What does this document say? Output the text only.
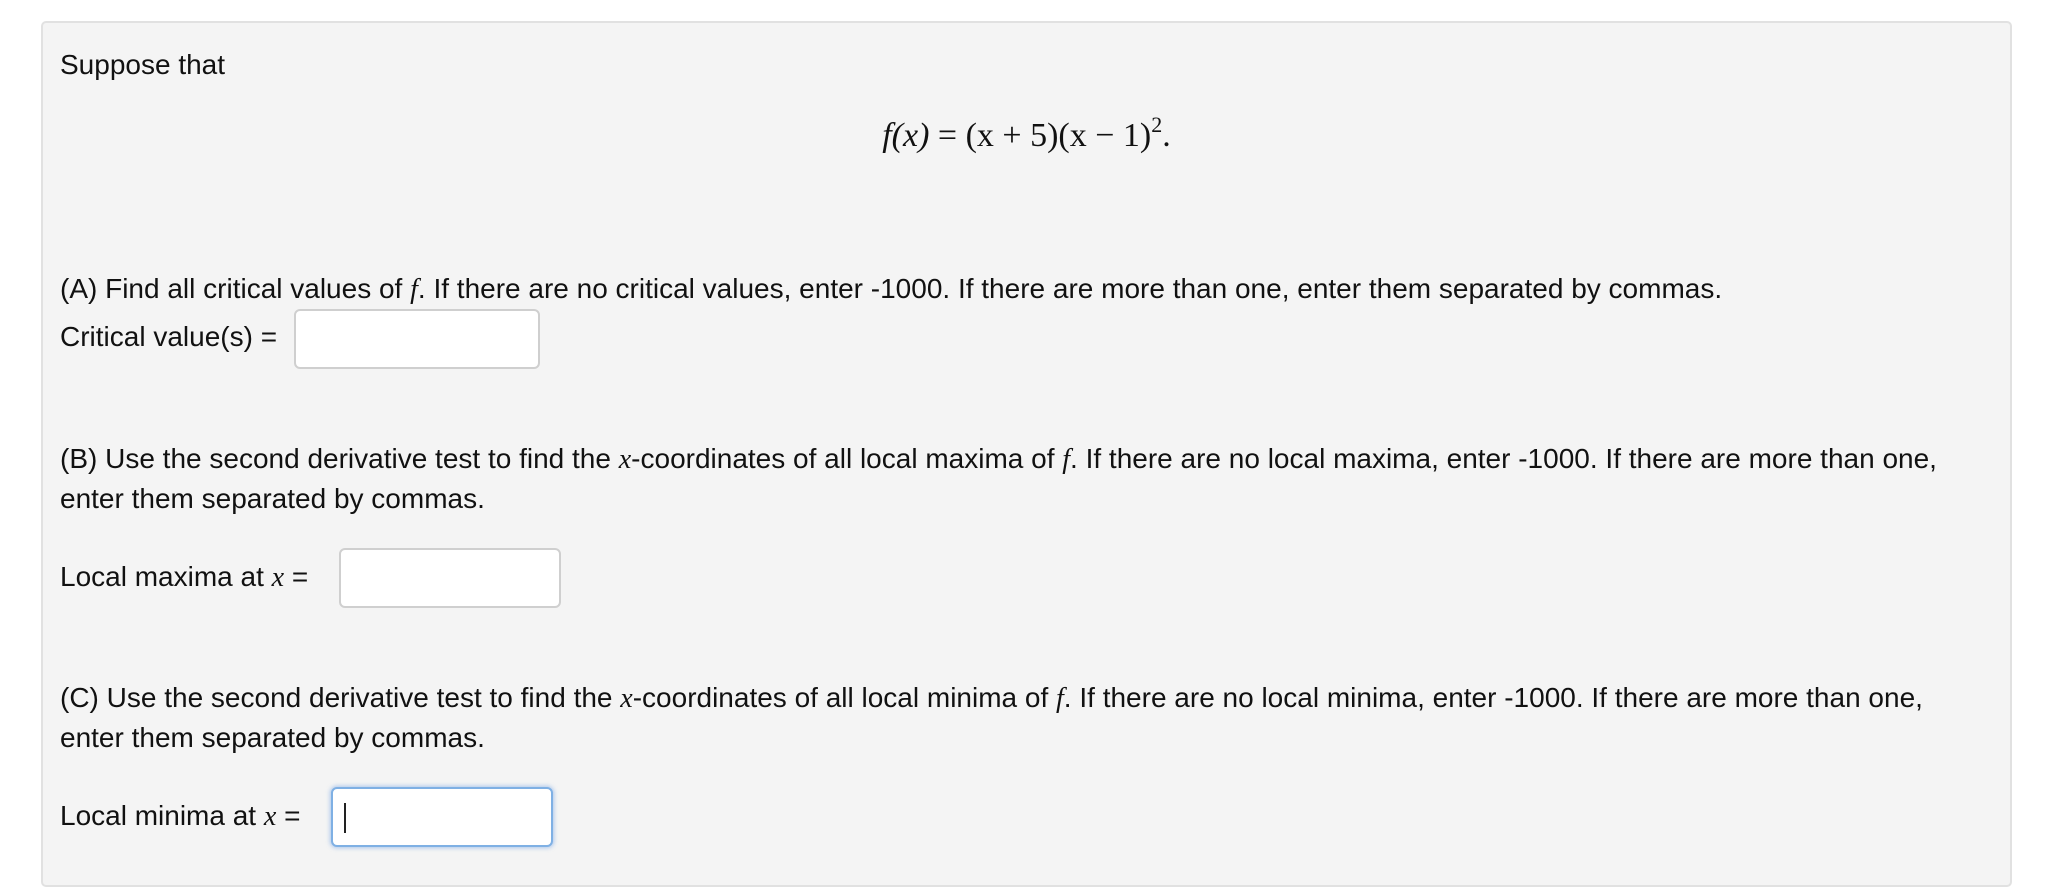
Suppose that
$f(x) = (x + 5)(x - 1)^2$.
(A) Find all critical values of f. If there are no critical values, enter -1000. If there are more than one, enter them separated by commas.
Critical value(s) =
(B) Use the second derivative test to find the x-coordinates of all local maxima of f. If there are no local maxima, enter -1000. If there are more than one,
enter them separated by commas.
Local maxima at x =
(C) Use the second derivative test to find the x-coordinates of all local minima of f. If there are no local minima, enter -1000. If there are more than one,
enter them separated by commas.
Local minima at x =
